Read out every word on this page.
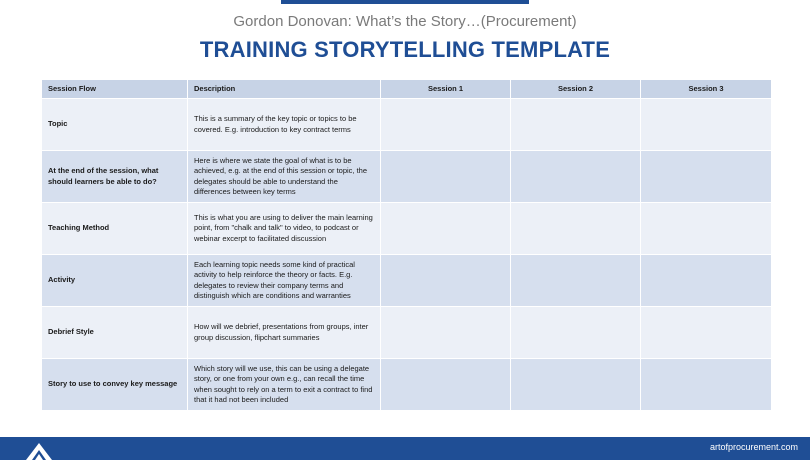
Gordon Donovan: What’s the Story…(Procurement)
TRAINING STORYTELLING TEMPLATE
Session Flow	Description	Session 1	Session 2	Session 3
Topic	This is a summary of the key topic or topics to be covered. E.g. introduction to key contract terms			
At the end of the session, what should learners be able to do?	Here is where we state the goal of what is to be achieved, e.g. at the end of this session or topic, the delegates should be able to understand the differences between key terms			
Teaching Method	This is what you are using to deliver the main learning point, from "chalk and talk" to video, to podcast or webinar excerpt to facilitated discussion			
Activity	Each learning topic needs some kind of practical activity to help reinforce the theory or facts. E.g. delegates to review their company terms and distinguish which are conditions and warranties			
Debrief Style	How will we debrief, presentations from groups, inter group discussion, flipchart summaries			
Story to use to convey key message	Which story will we use, this can be using a delegate story, or one from your own e.g., can recall the time when sought to rely on a term to exit a contract to find that it had not been included			
artofprocurement.com
